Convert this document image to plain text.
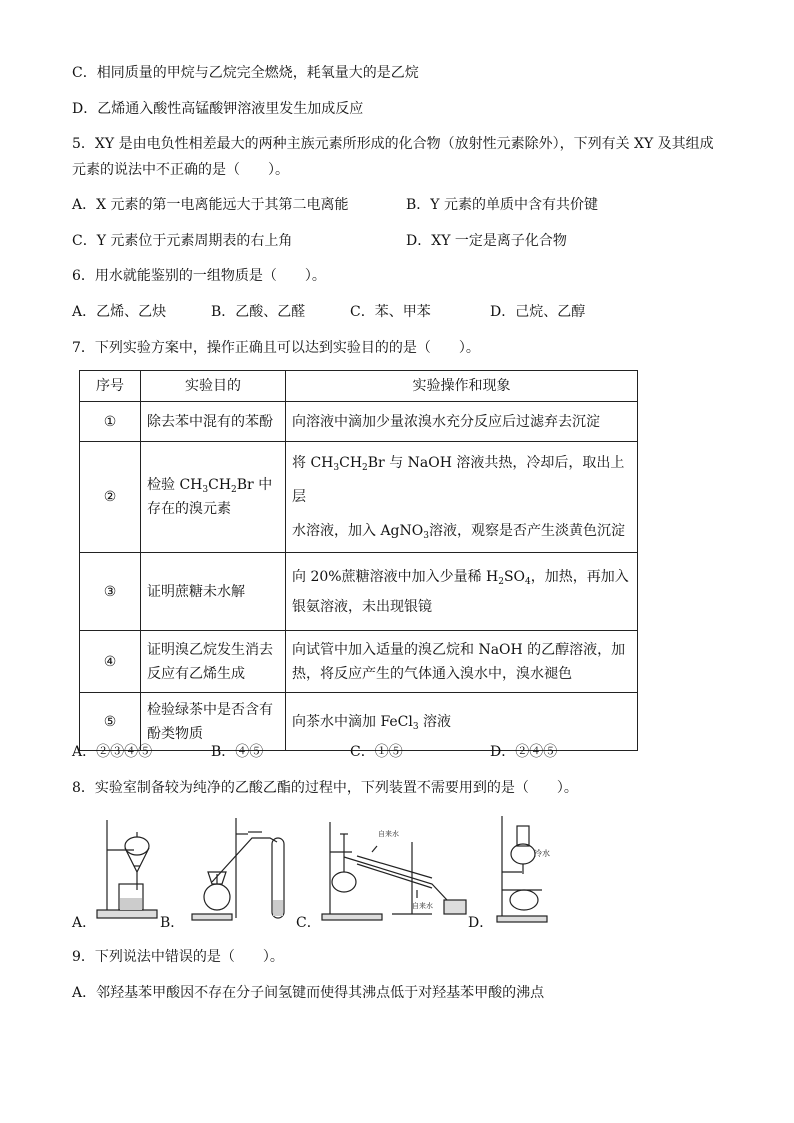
C．相同质量的甲烷与乙烷完全燃烧，耗氧量大的是乙烷
D．乙烯通入酸性高锰酸钾溶液里发生加成反应
5．XY 是由电负性相差最大的两种主族元素所形成的化合物（放射性元素除外），下列有关 XY 及其组成
元素的说法中不正确的是（　　）。
A．X 元素的第一电离能远大于其第二电离能	B．Y 元素的单质中含有共价键
C．Y 元素位于元素周期表的右上角	D．XY 一定是离子化合物
6．用水就能鉴别的一组物质是（　　）。
A．乙烯、乙炔	B．乙酸、乙醛	C．苯、甲苯	D．己烷、乙醇
7．下列实验方案中，操作正确且可以达到实验目的的是（　　）。
序号	实验目的	实验操作和现象
①	除去苯中混有的苯酚	向溶液中滴加少量浓溴水充分反应后过滤弃去沉淀
②	检验 $CH_3CH_2Br$ 中
存在的溴元素	将 $CH_3CH_2Br$ 与 NaOH 溶液共热，冷却后，取出上层
水溶液，加入 AgNO$_3$溶液，观察是否产生淡黄色沉淀
③	证明蔗糖未水解	向 20%蔗糖溶液中加入少量稀 $H_2SO_4$，加热，再加入
银氨溶液，未出现银镜
④	证明溴乙烷发生消去
反应有乙烯生成	向试管中加入适量的溴乙烷和 NaOH 的乙醇溶液，加
热，将反应产生的气体通入溴水中，溴水褪色
⑤	检验绿茶中是否含有
酚类物质	向茶水中滴加 FeCl$_3$ 溶液
A．②③④⑤	B．④⑤	C．①⑤	D．②④⑤
8．实验室制备较为纯净的乙酸乙酯的过程中，下列装置不需要用到的是（　　）。
自来水
自来水
冷水
A．	B．	C．	D．
9．下列说法中错误的是（　　）。
A．邻羟基苯甲酸因不存在分子间氢键而使得其沸点低于对羟基苯甲酸的沸点
